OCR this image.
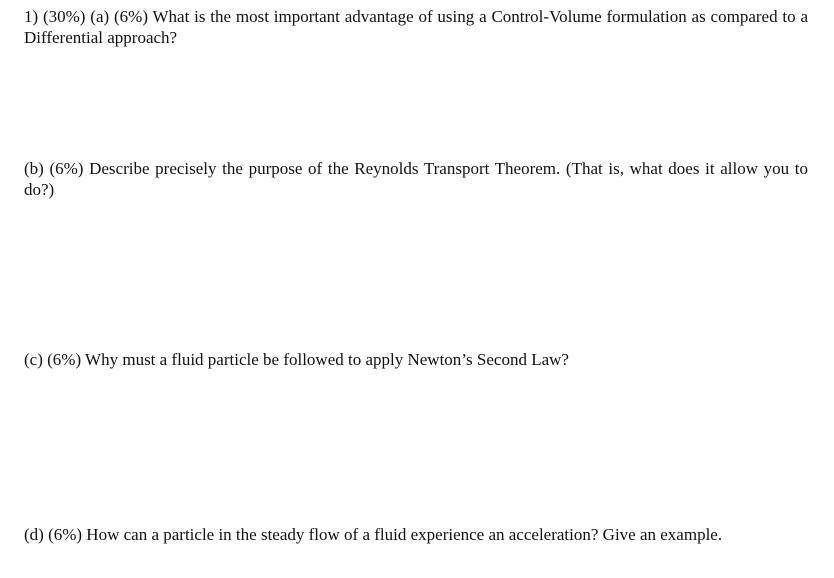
1) (30%) (a) (6%) What is the most important advantage of using a Control-Volume formulation as compared to a Differential approach?

(b) (6%) Describe precisely the purpose of the Reynolds Transport Theorem. (That is, what does it allow you to do?)

(c) (6%) Why must a fluid particle be followed to apply Newton’s Second Law?

(d) (6%) How can a particle in the steady flow of a fluid experience an acceleration? Give an example.
